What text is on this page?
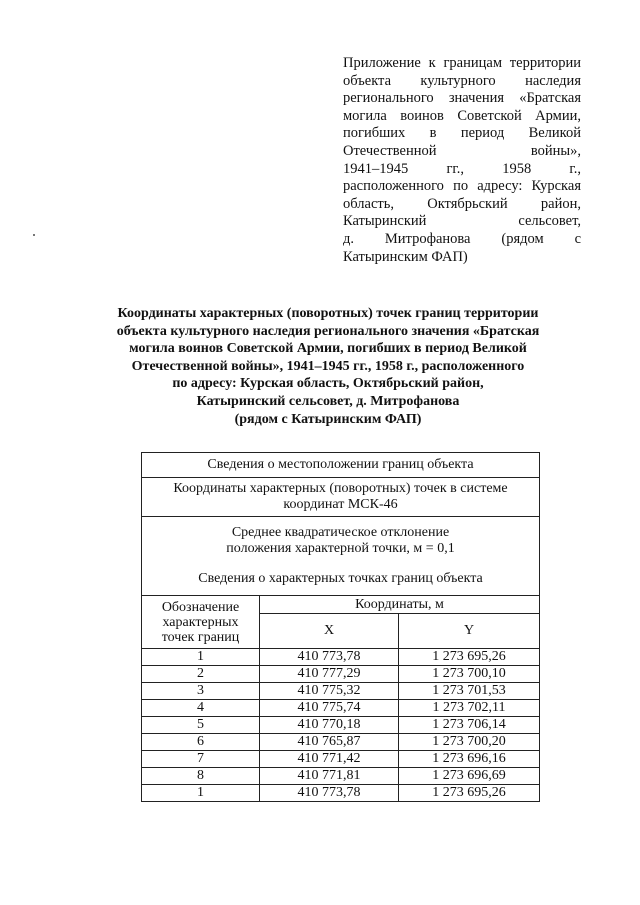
Приложение к границам территории
объекта культурного наследия
регионального значения «Братская
могила воинов Советской Армии,
погибших в период Великой
Отечественной войны»,
1941–1945 гг., 1958 г.,
расположенного по адресу: Курская
область, Октябрьский район,
Катыринский сельсовет,
д. Митрофанова (рядом с
Катыринским ФАП)
Координаты характерных (поворотных) точек границ территории
объекта культурного наследия регионального значения «Братская
могила воинов Советской Армии, погибших в период Великой
Отечественной войны», 1941–1945 гг., 1958 г., расположенного
по адресу: Курская область, Октябрьский район,
Катыринский сельсовет, д. Митрофанова
(рядом с Катыринским ФАП)
Сведения о местоположении границ объекта		
Координаты характерных (поворотных) точек в системе
координат МСК-46		
Среднее квадратическое отклонение
положения характерной точки, м = 0,1
Сведения о характерных точках границ объекта		
Обозначение
характерных
точек границ	Координаты, м	
	X	Y
1	410 773,78	1 273 695,26
2	410 777,29	1 273 700,10
3	410 775,32	1 273 701,53
4	410 775,74	1 273 702,11
5	410 770,18	1 273 706,14
6	410 765,87	1 273 700,20
7	410 771,42	1 273 696,16
8	410 771,81	1 273 696,69
1	410 773,78	1 273 695,26
